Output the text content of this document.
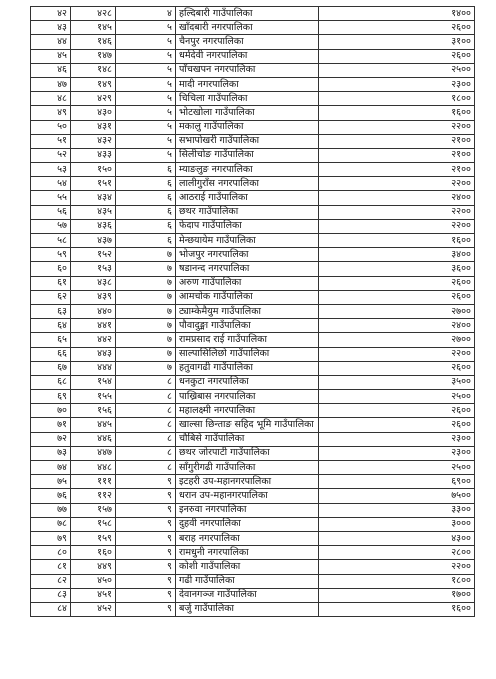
४२	४२८	४	हल्दिबारी गाउँपालिका	१४००
४३	१४५	५	खाँदबारी नगरपालिका	२६००
४४	१४६	५	चैनपुर नगरपालिका	३१००
४५	१४७	५	धर्मदेवी नगरपालिका	२६००
४६	१४८	५	पाँचखपन नगरपालिका	२५००
४७	१४९	५	मादी नगरपालिका	२३००
४८	४२९	५	चिचिला गाउँपालिका	१८००
४९	४३०	५	भोटखोला गाउँपालिका	१६००
५०	४३१	५	मकालु गाउँपालिका	२२००
५१	४३२	५	सभापोखरी गाउँपालिका	२१००
५२	४३३	५	सिलीचोङ गाउँपालिका	२१००
५३	१५०	६	म्याङलुङ नगरपालिका	२१००
५४	१५१	६	लालीगुराँस नगरपालिका	२२००
५५	४३४	६	आठराई गाउँपालिका	२४००
५६	४३५	६	छथर गाउँपालिका	२२००
५७	४३६	६	फेदाप गाउँपालिका	२२००
५८	४३७	६	मेन्छयायेम गाउँपालिका	१६००
५९	१५२	७	भोजपुर नगरपालिका	३४००
६०	१५३	७	षडानन्द नगरपालिका	३६००
६१	४३८	७	अरुण गाउँपालिका	२६००
६२	४३९	७	आमचोक गाउँपालिका	२६००
६३	४४०	७	ट्याम्केमैयुम गाउँपालिका	२७००
६४	४४१	७	पौवादुङ्मा गाउँपालिका	२४००
६५	४४२	७	रामप्रसाद राई गाउँपालिका	२७००
६६	४४३	७	साल्पासिलिछो गाउँपालिका	२२००
६७	४४४	७	हतुवागढी गाउँपालिका	२६००
६८	१५४	८	धनकुटा नगरपालिका	३५००
६९	१५५	८	पाख्रिबास नगरपालिका	२५००
७०	१५६	८	महालक्ष्मी नगरपालिका	२६००
७१	४४५	८	खाल्सा छिन्ताङ सहिद भूमि गाउँपालिका	२६००
७२	४४६	८	चौबिसे गाउँपालिका	२३००
७३	४४७	८	छथर जोरपाटी गाउँपालिका	२३००
७४	४४८	८	साँगुरीगढी गाउँपालिका	२५००
७५	१११	९	इटहरी उप-महानगरपालिका	६९००
७६	११२	९	धरान उप-महानगरपालिका	७५००
७७	१५७	९	इनरुवा नगरपालिका	३३००
७८	१५८	९	दुहवी नगरपालिका	३०००
७९	१५९	९	बराह नगरपालिका	४३००
८०	१६०	९	रामधुनी नगरपालिका	२८००
८१	४४९	९	कोशी गाउँपालिका	२२००
८२	४५०	९	गढी गाउँपालिका	१८००
८३	४५१	९	देवानगञ्ज गाउँपालिका	१७००
८४	४५२	९	बर्जु गाउँपालिका	१६००
